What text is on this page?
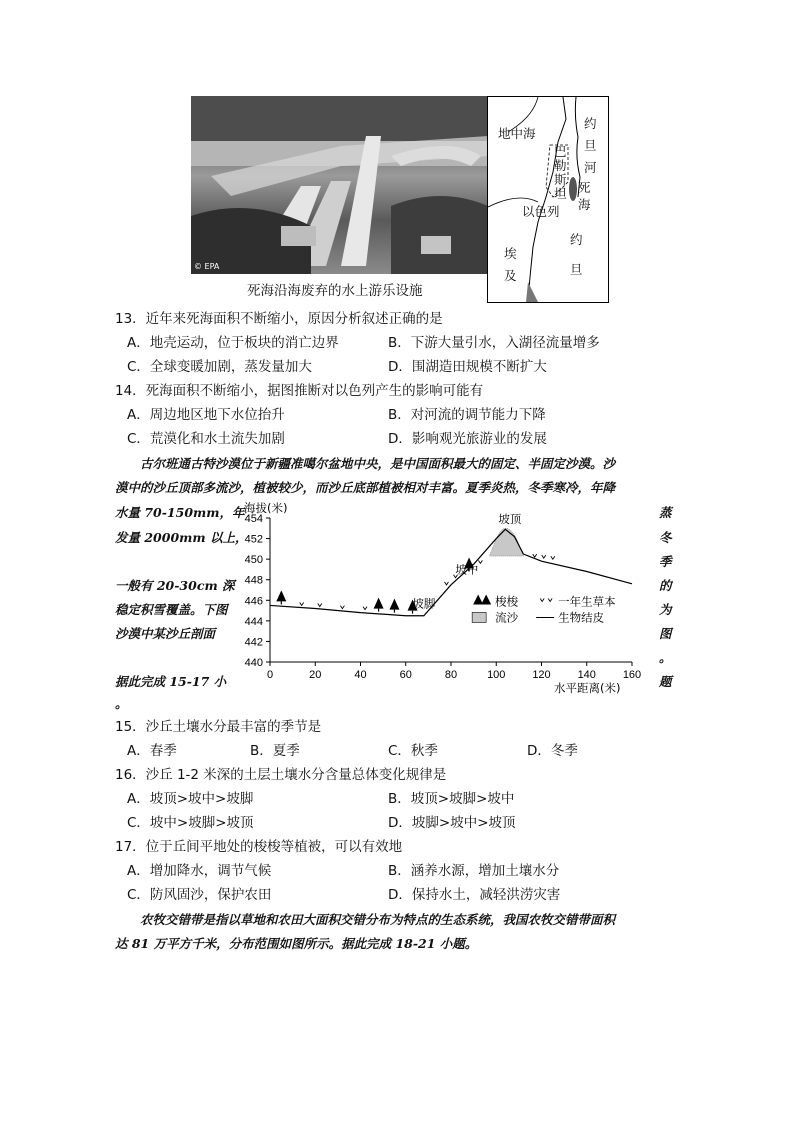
© EPA
死海沿海废弃的水上游乐设施
地中海
约旦河
巴勒斯坦 死海
以色列
埃及
约旦
13．近年来死海面积不断缩小，原因分析叙述正确的是
A．地壳运动，位于板块的消亡边界	B．下游大量引水，入湖径流量增多
C．全球变暖加剧，蒸发量加大	D．围湖造田规模不断扩大
14．死海面积不断缩小，据图推断对以色列产生的影响可能有
A．周边地区地下水位抬升	B．对河流的调节能力下降
C．荒漠化和水土流失加剧	D．影响观光旅游业的发展
古尔班通古特沙漠位于新疆准噶尔盆地中央，是中国面积最大的固定、半固定沙漠。沙
漠中的沙丘顶部多流沙，植被较少，而沙丘底部植被相对丰富。夏季炎热，冬季寒冷，年降
水量 70-150mm，年
发量 2000mm 以上，
一般有 20-30cm 深
稳定积雪覆盖。下图
沙漠中某沙丘剖面
据此完成 15-17 小
。
蒸
冬
季
的
为
图
。
题
440
442
444
446
448
450
452
454
0	20	40	60	80	100 120 140 160
海拔(米)
水平距离(米)
坡顶
坡中
坡脚	梭梭	一年生草本
流沙	生物结皮
15．沙丘土壤水分最丰富的季节是
A．春季	B．夏季	C．秋季	D．冬季
16．沙丘 1-2 米深的土层土壤水分含量总体变化规律是
A．坡顶>坡中>坡脚	B．坡顶>坡脚>坡中
C．坡中>坡脚>坡顶	D．坡脚>坡中>坡顶
17．位于丘间平地处的梭梭等植被，可以有效地
A．增加降水，调节气候	B．涵养水源，增加土壤水分
C．防风固沙，保护农田	D．保持水土，减轻洪涝灾害
农牧交错带是指以草地和农田大面积交错分布为特点的生态系统，我国农牧交错带面积
达 81 万平方千米，分布范围如图所示。据此完成 18-21 小题。
